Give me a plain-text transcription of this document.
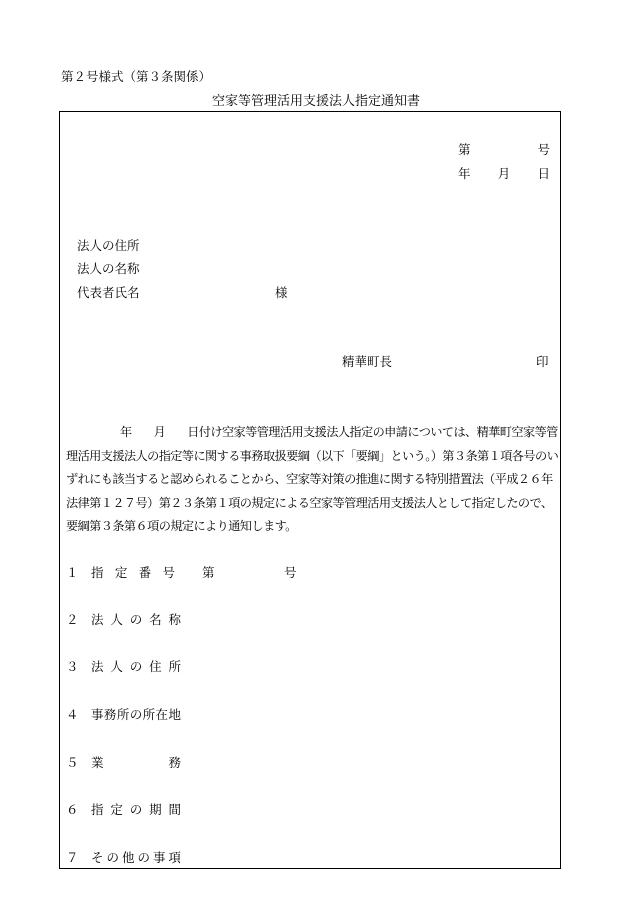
第２号様式（第３条関係）
空家等管理活用支援法人指定通知書
第	号
年 月 日
法人の住所
法人の名称
代表者氏名	様
精華町長	印
年 月 日付け空家等管理活用支援法人指定の申請については、精華町空家等管理活用支援法人の指定等に関する事務取扱要綱（以下「要綱」という。）第３条第１項各号のいずれにも該当すると認められることから、空家等対策の推進に関する特別措置法（平成２６年法律第１２７号）第２３条第１項の規定による空家等管理活用支援法人として指定したので、要綱第３条第６項の規定により通知します。
１ 指 定 番 号 第	号
２ 法 人 の 名 称
３ 法 人 の 住 所
４ 事 務 所 の 所 在 地
５ 業	務
６ 指 定 の 期 間
７ そ の 他 の 事 項
